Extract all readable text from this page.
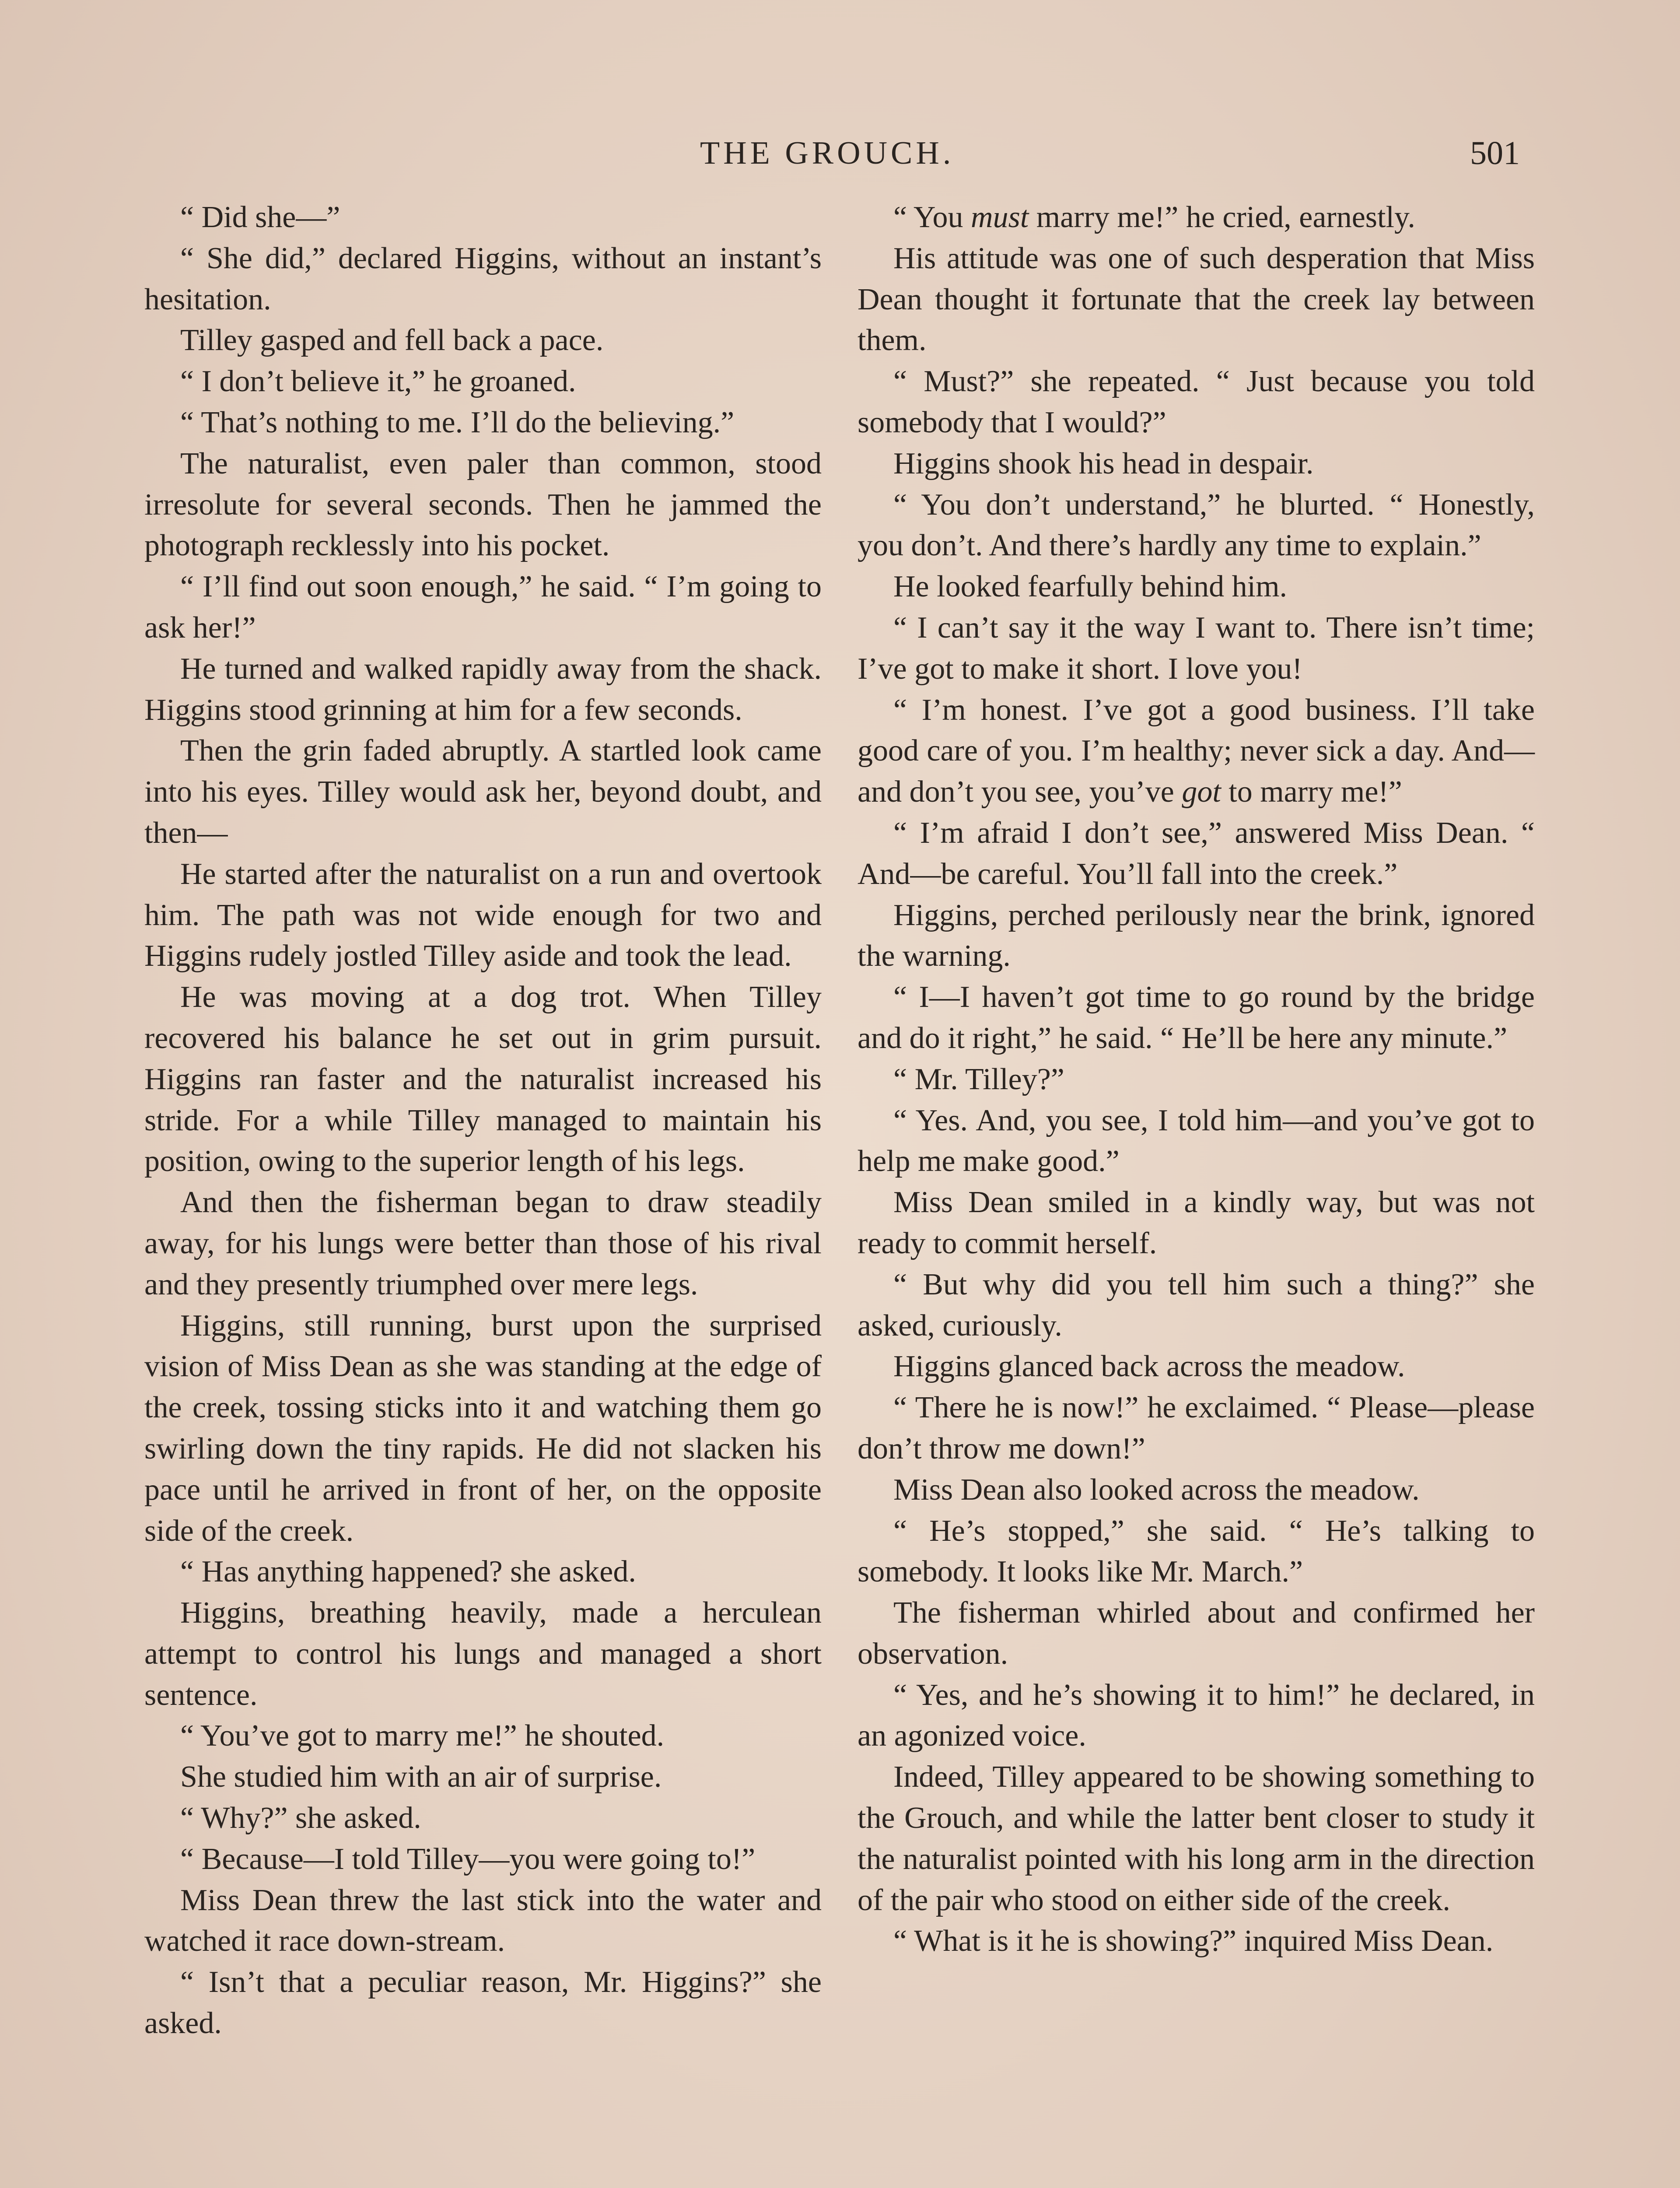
THE GROUCH.	501

“ Did she—”

“ She did,” declared Higgins, without an instant’s hesitation.

Tilley gasped and fell back a pace.

“ I don’t believe it,” he groaned.

“ That’s nothing to me. I’ll do the believing.”

The naturalist, even paler than common, stood irresolute for several seconds. Then he jammed the photograph recklessly into his pocket.

“ I’ll find out soon enough,” he said. “ I’m going to ask her!”

He turned and walked rapidly away from the shack. Higgins stood grinning at him for a few seconds.

Then the grin faded abruptly. A startled look came into his eyes. Tilley would ask her, beyond doubt, and then—

He started after the naturalist on a run and overtook him. The path was not wide enough for two and Higgins rudely jostled Tilley aside and took the lead.

He was moving at a dog trot. When Tilley recovered his balance he set out in grim pursuit. Higgins ran faster and the naturalist increased his stride. For a while Tilley managed to maintain his position, owing to the superior length of his legs.

And then the fisherman began to draw steadily away, for his lungs were better than those of his rival and they presently triumphed over mere legs.

Higgins, still running, burst upon the surprised vision of Miss Dean as she was standing at the edge of the creek, tossing sticks into it and watching them go swirling down the tiny rapids. He did not slacken his pace until he arrived in front of her, on the opposite side of the creek.

“ Has anything happened? she asked.

Higgins, breathing heavily, made a herculean attempt to control his lungs and managed a short sentence.

“ You’ve got to marry me!” he shouted.

She studied him with an air of surprise.

“ Why?” she asked.

“ Because—I told Tilley—you were going to!”

Miss Dean threw the last stick into the water and watched it race down-stream.

“ Isn’t that a peculiar reason, Mr. Higgins?” she asked.

“ You must marry me!” he cried, earnestly.

His attitude was one of such desperation that Miss Dean thought it fortunate that the creek lay between them.

“ Must?” she repeated. “ Just because you told somebody that I would?”

Higgins shook his head in despair.

“ You don’t understand,” he blurted. “ Honestly, you don’t. And there’s hardly any time to explain.”

He looked fearfully behind him.

“ I can’t say it the way I want to. There isn’t time; I’ve got to make it short. I love you!

“ I’m honest. I’ve got a good business. I’ll take good care of you. I’m healthy; never sick a day. And—and don’t you see, you’ve got to marry me!”

“ I’m afraid I don’t see,” answered Miss Dean. “ And—be careful. You’ll fall into the creek.”

Higgins, perched perilously near the brink, ignored the warning.

“ I—I haven’t got time to go round by the bridge and do it right,” he said. “ He’ll be here any minute.”

“ Mr. Tilley?”

“ Yes. And, you see, I told him—and you’ve got to help me make good.”

Miss Dean smiled in a kindly way, but was not ready to commit herself.

“ But why did you tell him such a thing?” she asked, curiously.

Higgins glanced back across the meadow.

“ There he is now!” he exclaimed. “ Please—please don’t throw me down!”

Miss Dean also looked across the meadow.

“ He’s stopped,” she said. “ He’s talking to somebody. It looks like Mr. March.”

The fisherman whirled about and confirmed her observation.

“ Yes, and he’s showing it to him!” he declared, in an agonized voice.

Indeed, Tilley appeared to be showing something to the Grouch, and while the latter bent closer to study it the naturalist pointed with his long arm in the direction of the pair who stood on either side of the creek.

“ What is it he is showing?” inquired Miss Dean.
